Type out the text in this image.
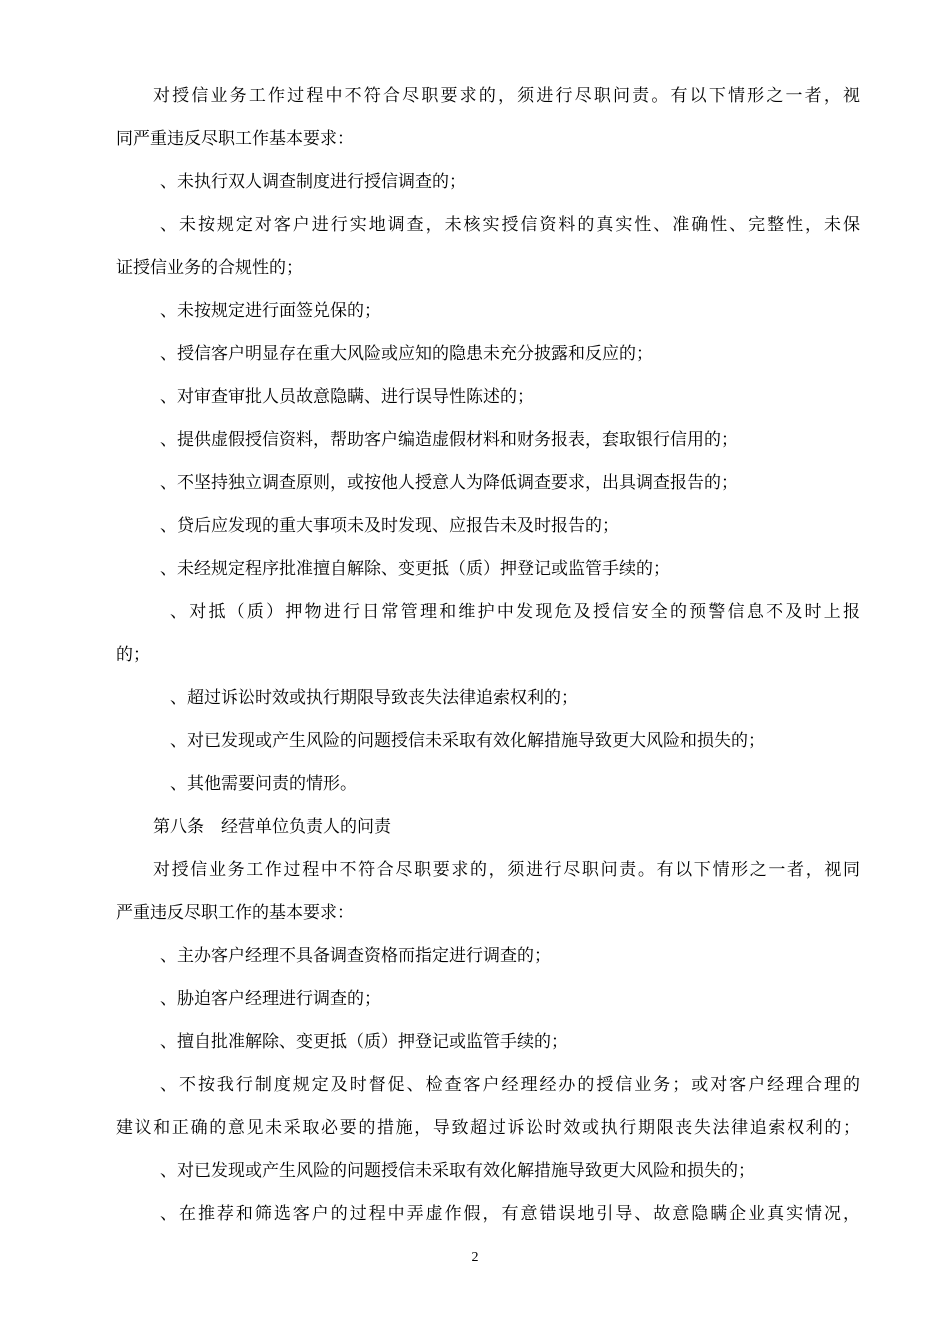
对授信业务工作过程中不符合尽职要求的，须进行尽职问责。有以下情形之一者，视
同严重违反尽职工作基本要求：
、未执行双人调查制度进行授信调查的；
、未按规定对客户进行实地调查，未核实授信资料的真实性、准确性、完整性，未保
证授信业务的合规性的；
、未按规定进行面签兑保的；
、授信客户明显存在重大风险或应知的隐患未充分披露和反应的；
、对审查审批人员故意隐瞒、进行误导性陈述的；
、提供虚假授信资料，帮助客户编造虚假材料和财务报表，套取银行信用的；
、不坚持独立调查原则，或按他人授意人为降低调查要求，出具调查报告的；
、贷后应发现的重大事项未及时发现、应报告未及时报告的；
、未经规定程序批准擅自解除、变更抵（质）押登记或监管手续的；
、对抵（质）押物进行日常管理和维护中发现危及授信安全的预警信息不及时上报
的；
、超过诉讼时效或执行期限导致丧失法律追索权利的；
、对已发现或产生风险的问题授信未采取有效化解措施导致更大风险和损失的；
、其他需要问责的情形。
第八条　经营单位负责人的问责
对授信业务工作过程中不符合尽职要求的，须进行尽职问责。有以下情形之一者，视同
严重违反尽职工作的基本要求：
、主办客户经理不具备调查资格而指定进行调查的；
、胁迫客户经理进行调查的；
、擅自批准解除、变更抵（质）押登记或监管手续的；
、不按我行制度规定及时督促、检查客户经理经办的授信业务；或对客户经理合理的
建议和正确的意见未采取必要的措施，导致超过诉讼时效或执行期限丧失法律追索权利的；
、对已发现或产生风险的问题授信未采取有效化解措施导致更大风险和损失的；
、在推荐和筛选客户的过程中弄虚作假，有意错误地引导、故意隐瞒企业真实情况，
2
